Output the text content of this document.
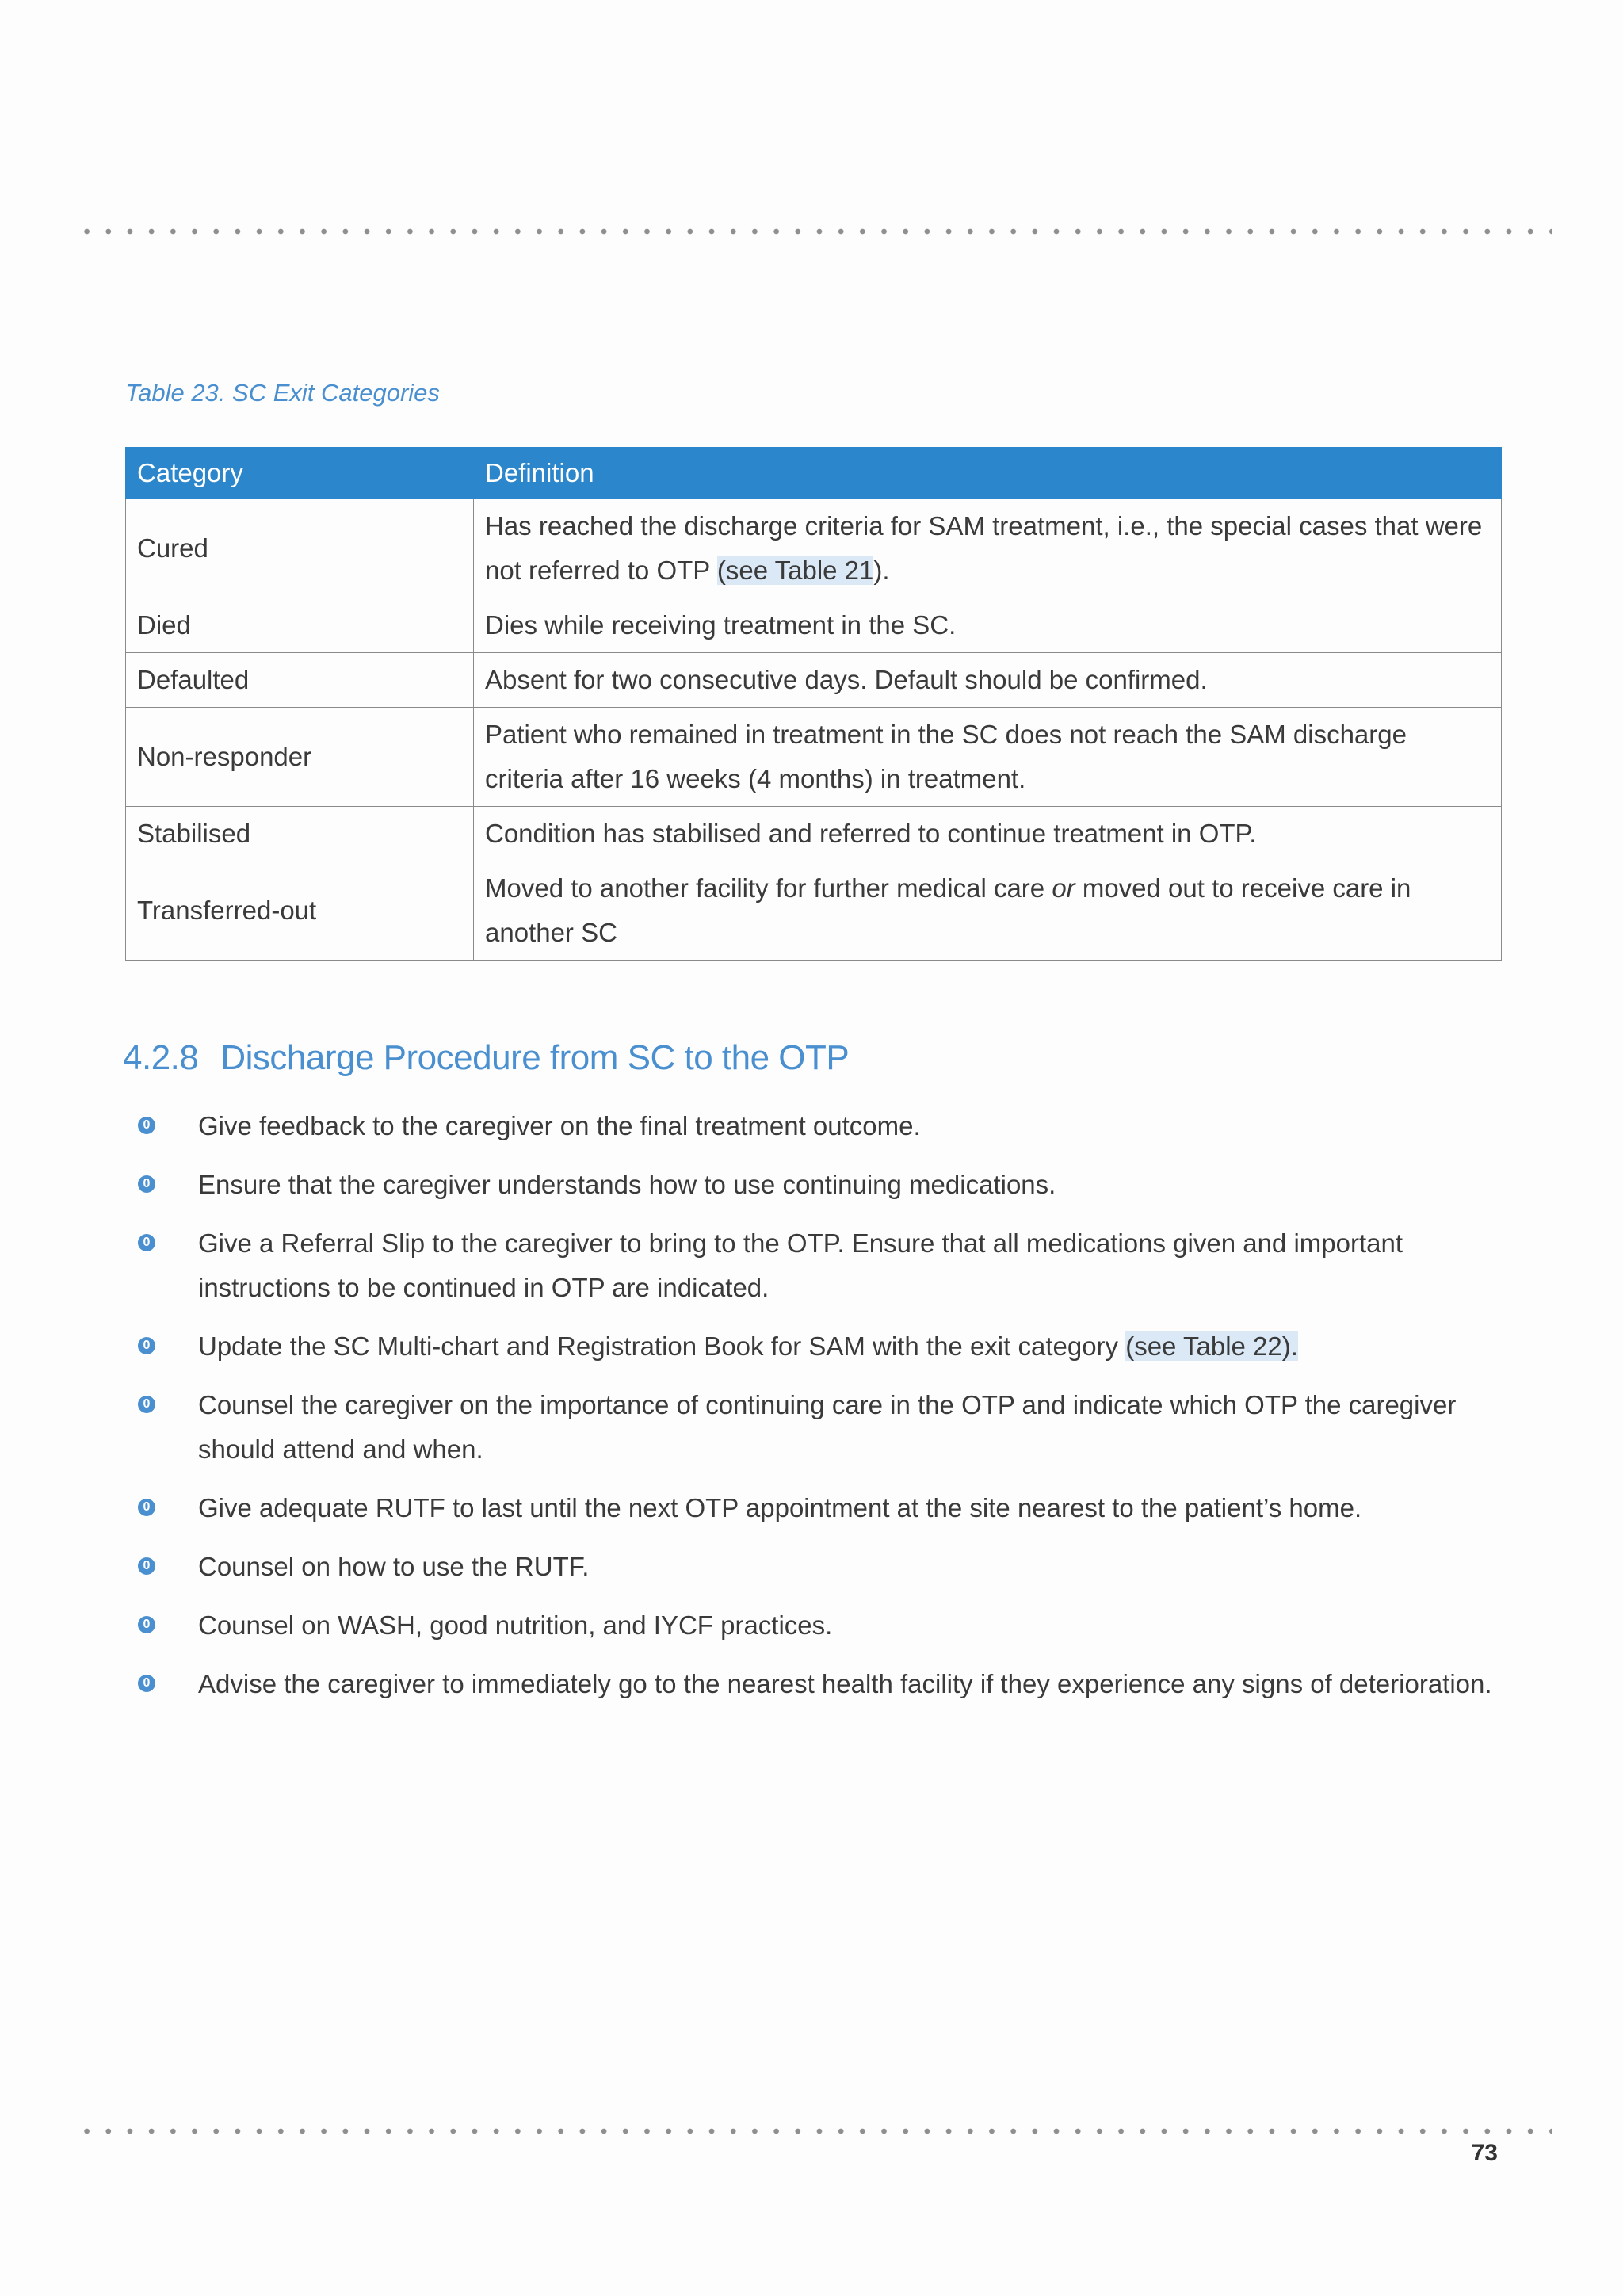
Table 23. SC Exit Categories
Category	Definition
Cured	Has reached the discharge criteria for SAM treatment, i.e., the special cases that were not referred to OTP (see Table 21).
Died	Dies while receiving treatment in the SC.
Defaulted	Absent for two consecutive days. Default should be confirmed.
Non-responder	Patient who remained in treatment in the SC does not reach the SAM discharge criteria after 16 weeks (4 months) in treatment.
Stabilised	Condition has stabilised and referred to continue treatment in OTP.
Transferred-out	Moved to another facility for further medical care or moved out to receive care in another SC
4.2.8 Discharge Procedure from SC to the OTP
0 Give feedback to the caregiver on the final treatment outcome.
0 Ensure that the caregiver understands how to use continuing medications.
0 Give a Referral Slip to the caregiver to bring to the OTP. Ensure that all medications given and important instructions to be continued in OTP are indicated.
0 Update the SC Multi-chart and Registration Book for SAM with the exit category (see Table 22).
0 Counsel the caregiver on the importance of continuing care in the OTP and indicate which OTP the caregiver should attend and when.
0 Give adequate RUTF to last until the next OTP appointment at the site nearest to the patient’s home.
0 Counsel on how to use the RUTF.
0 Counsel on WASH, good nutrition, and IYCF practices.
0 Advise the caregiver to immediately go to the nearest health facility if they experience any signs of deterioration.
73
